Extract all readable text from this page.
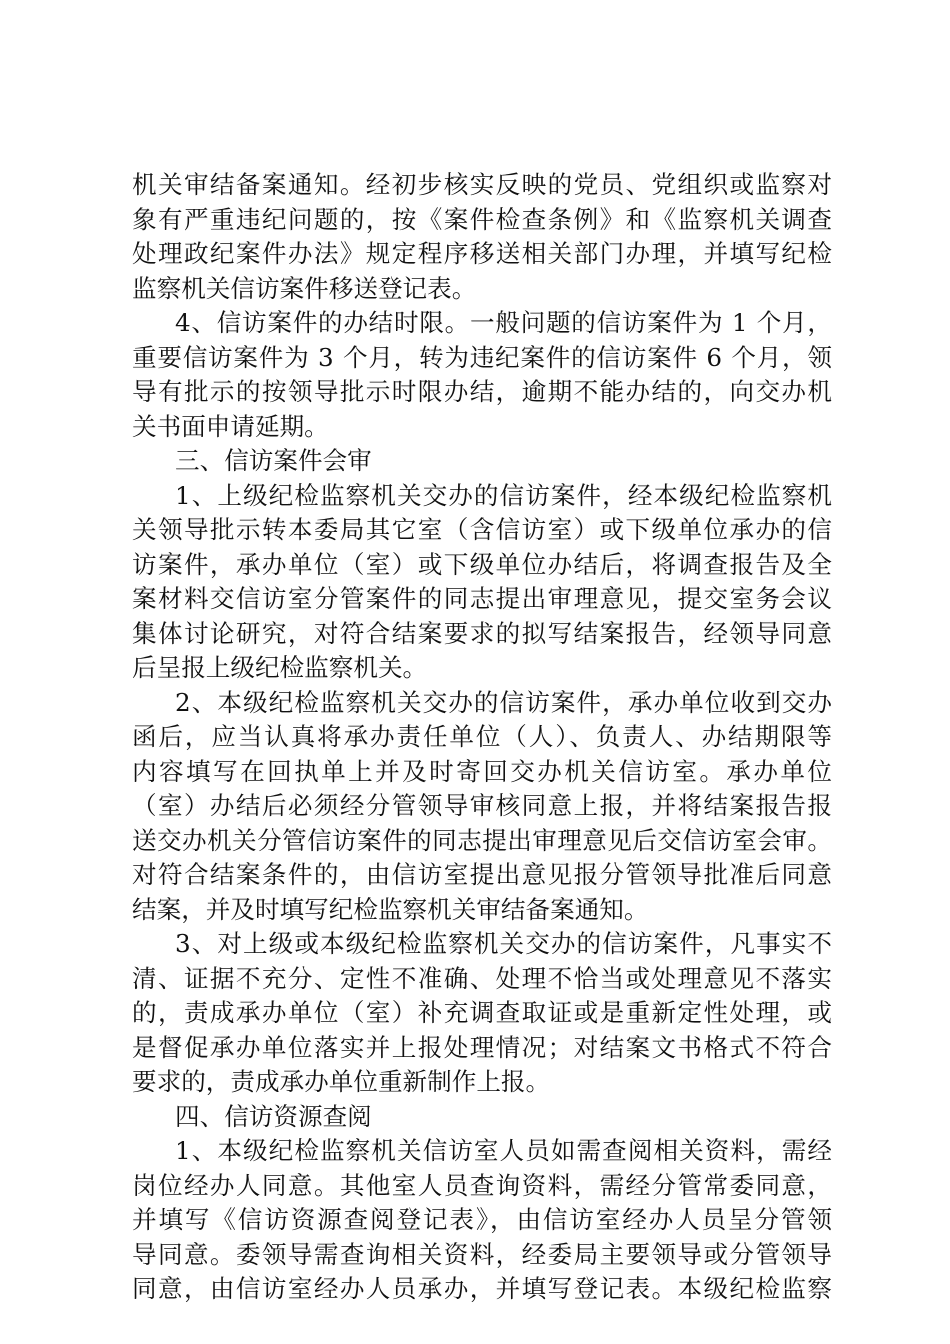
机关审结备案通知。经初步核实反映的党员、党组织或监察对
象有严重违纪问题的，按《案件检查条例》和《监察机关调查
处理政纪案件办法》规定程序移送相关部门办理，并填写纪检
监察机关信访案件移送登记表。
4、信访案件的办结时限。一般问题的信访案件为 1 个月，
重要信访案件为 3 个月，转为违纪案件的信访案件 6 个月，领
导有批示的按领导批示时限办结，逾期不能办结的，向交办机
关书面申请延期。
三、信访案件会审
1、上级纪检监察机关交办的信访案件，经本级纪检监察机
关领导批示转本委局其它室（含信访室）或下级单位承办的信
访案件，承办单位（室）或下级单位办结后，将调查报告及全
案材料交信访室分管案件的同志提出审理意见，提交室务会议
集体讨论研究，对符合结案要求的拟写结案报告，经领导同意
后呈报上级纪检监察机关。
2、本级纪检监察机关交办的信访案件，承办单位收到交办
函后，应当认真将承办责任单位（人）、负责人、办结期限等
内容填写在回执单上并及时寄回交办机关信访室。承办单位
（室）办结后必须经分管领导审核同意上报，并将结案报告报
送交办机关分管信访案件的同志提出审理意见后交信访室会审。
对符合结案条件的，由信访室提出意见报分管领导批准后同意
结案，并及时填写纪检监察机关审结备案通知。
3、对上级或本级纪检监察机关交办的信访案件，凡事实不
清、证据不充分、定性不准确、处理不恰当或处理意见不落实
的，责成承办单位（室）补充调查取证或是重新定性处理，或
是督促承办单位落实并上报处理情况；对结案文书格式不符合
要求的，责成承办单位重新制作上报。
四、信访资源查阅
1、本级纪检监察机关信访室人员如需查阅相关资料，需经
岗位经办人同意。其他室人员查询资料，需经分管常委同意，
并填写《信访资源查阅登记表》，由信访室经办人员呈分管领
导同意。委领导需查询相关资料，经委局主要领导或分管领导
同意，由信访室经办人员承办，并填写登记表。本级纪检监察
